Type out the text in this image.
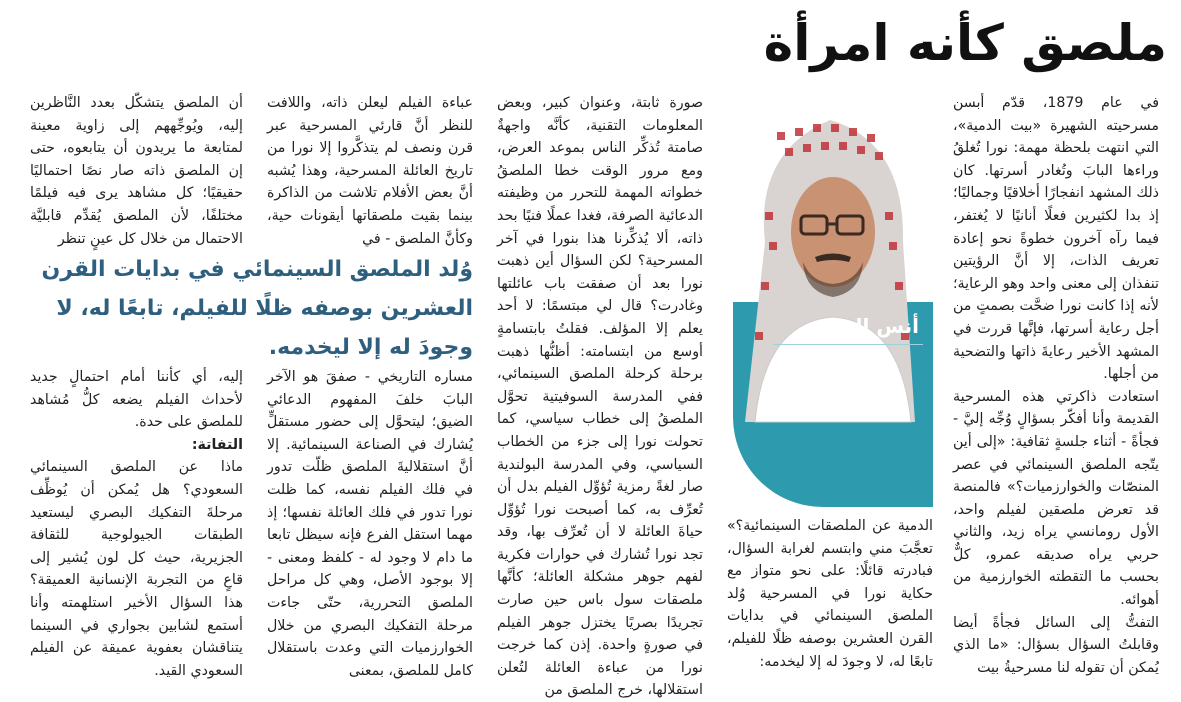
ملصق كأنه امرأة

في عام 1879، قدّم أبسن مسرحيته الشهيرة «بيت الدمية»، التي انتهت بلحظة مهمة: نورا تُغلقُ وراءها البابَ وتُغادر أسرتها. كان ذلك المشهد انفجارًا أخلاقيًا وجماليًا؛ إذ بدا لكثيرين فعلًا أنانيًا لا يُغتفر، فيما رآه آخرون خطوةً نحو إعادة تعريف الذات، إلا أنَّ الرؤيتين تنفذان إلى معنى واحد وهو الرعاية؛ لأنه إذا كانت نورا ضحَّت بصمتٍ من أجل رعاية أسرتها، فإنَّها قررت في المشهد الأخير رعايةَ ذاتها والتضحية من أجلها.

استعادت ذاكرتي هذه المسرحية القديمة وأنا أفكّر بسؤالٍ وُجِّه إليَّ - فجأةً - أثناء جلسةٍ ثقافية: «إلى أين يتّجه الملصق السينمائي في عصر المنصّات والخوارزميات؟» فالمنصة قد تعرض ملصقين لفيلم واحد، الأول رومانسي يراه زيد، والثاني حربي يراه صديقه عمرو، كلٌّ بحسب ما التقطته الخوارزمية من أهوائه.

التفتُّ إلى السائل فجأةً أيضا وقابلتُ السؤال بسؤال: «ما الذي يُمكن أن تقوله لنا مسرحيةُ بيت

أنس الرشيد

الدمية عن الملصقات السينمائية؟» تعجَّبَ مني وابتسم لغرابة السؤال، فبادرته قائلًا: على نحو متواز مع حكاية نورا في المسرحية وُلد الملصق السينمائي في بدايات القرن العشرين بوصفه ظلًا للفيلم، تابعًا له، لا وجودَ له إلا ليخدمه:

صورة ثابتة، وعنوان كبير، وبعض المعلومات التقنية، كأنَّه واجهةٌ صامتة تُذكِّر الناس بموعد العرض، ومع مرور الوقت خطا الملصقُ خطواته المهمة للتحرر من وظيفته الدعائية الصرفة، فغدا عملًا فنيًا بحد ذاته، ألا يُذكِّرنا هذا بنورا في آخر المسرحية؟ لكن السؤال أين ذهبت نورا بعد أن صفقت باب عائلتها وغادرت؟ قال لي مبتسمًا: لا أحد يعلم إلا المؤلف. فقلتُ بابتسامةٍ أوسع من ابتسامته: أظنُّها ذهبت برحلة كرحلة الملصق السينمائي، ففي المدرسة السوفيتية تحوَّل الملصقُ إلى خطاب سياسي، كما تحولت نورا إلى جزء من الخطاب السياسي، وفي المدرسة البولندية صار لغةً رمزية تُؤوِّل الفيلم بدل أن تُعرِّف به، كما أصبحت نورا تُؤوِّل حياةَ العائلة لا أن تُعرِّف بها، وقد تجد نورا تُشارك في حوارات فكرية لفهم جوهر مشكلة العائلة؛ كأنَّها ملصقات سول باس حين صارت تجريدًا بصريًا يختزل جوهر الفيلم في صورةٍ واحدة. إذن كما خرجت نورا من عباءة العائلة لتُعلن استقلالها، خرج الملصق من

عباءة الفيلم ليعلن ذاته، واللافت للنظر أنَّ قارئي المسرحية عبر قرن ونصف لم يتذكَّروا إلا نورا من تاريخ العائلة المسرحية، وهذا يُشبه أنَّ بعض الأفلام تلاشت من الذاكرة بينما بقيت ملصقاتها أيقونات حية، وكأنَّ الملصق - في

مساره التاريخي - صفقَ هو الآخر البابَ خلفَ المفهوم الدعائي الضيق؛ ليتحوَّل إلى حضور مستقلٍّ يُشارك في الصناعة السينمائية. إلا أنَّ استقلاليةَ الملصق ظلّت تدور في فلك الفيلم نفسه، كما ظلت نورا تدور في فلك العائلة نفسها؛ إذ مهما استقل الفرع فإنه سيظل تابعا ما دام لا وجود له - كلفظ ومعنى - إلا بوجود الأصل، وهي كل مراحل الملصق التحررية، حتّى جاءت مرحلة التفكيك البصري من خلال الخوارزميات التي وعدت باستقلال كامل للملصق، بمعنى

أن الملصق يتشكّل بعدد النَّاظرين إليه، ويُوجِّههم إلى زاوية معينة لمتابعة ما يريدون أن يتابعوه، حتى إن الملصق ذاته صار نصًا احتماليًا حقيقيًا؛ كل مشاهد يرى فيه فيلمًا مختلفًا، لأن الملصق يُقدِّم قابليَّة الاحتمال من خلال كل عينٍ تنظر

إليه، أي كأننا أمام احتمالٍ جديد لأحداث الفيلم يضعه كلُّ مُشاهد للملصق على حدة.

التفاتة:

ماذا عن الملصق السينمائي السعودي؟ هل يُمكن أن يُوظِّف مرحلةَ التفكيك البصري ليستعيد الطبقات الجيولوجية للثقافة الجزيرية، حيث كل لون يُشير إلى قاعٍ من التجربة الإنسانية العميقة؟ هذا السؤال الأخير استلهمته وأنا أستمع لشابين بجواري في السينما يتناقشان بعفوية عميقة عن الفيلم السعودي القيد.

وُلد الملصق السينمائي في بدايات القرن العشرين بوصفه ظلًا للفيلم، تابعًا له، لا وجودَ له إلا ليخدمه.
